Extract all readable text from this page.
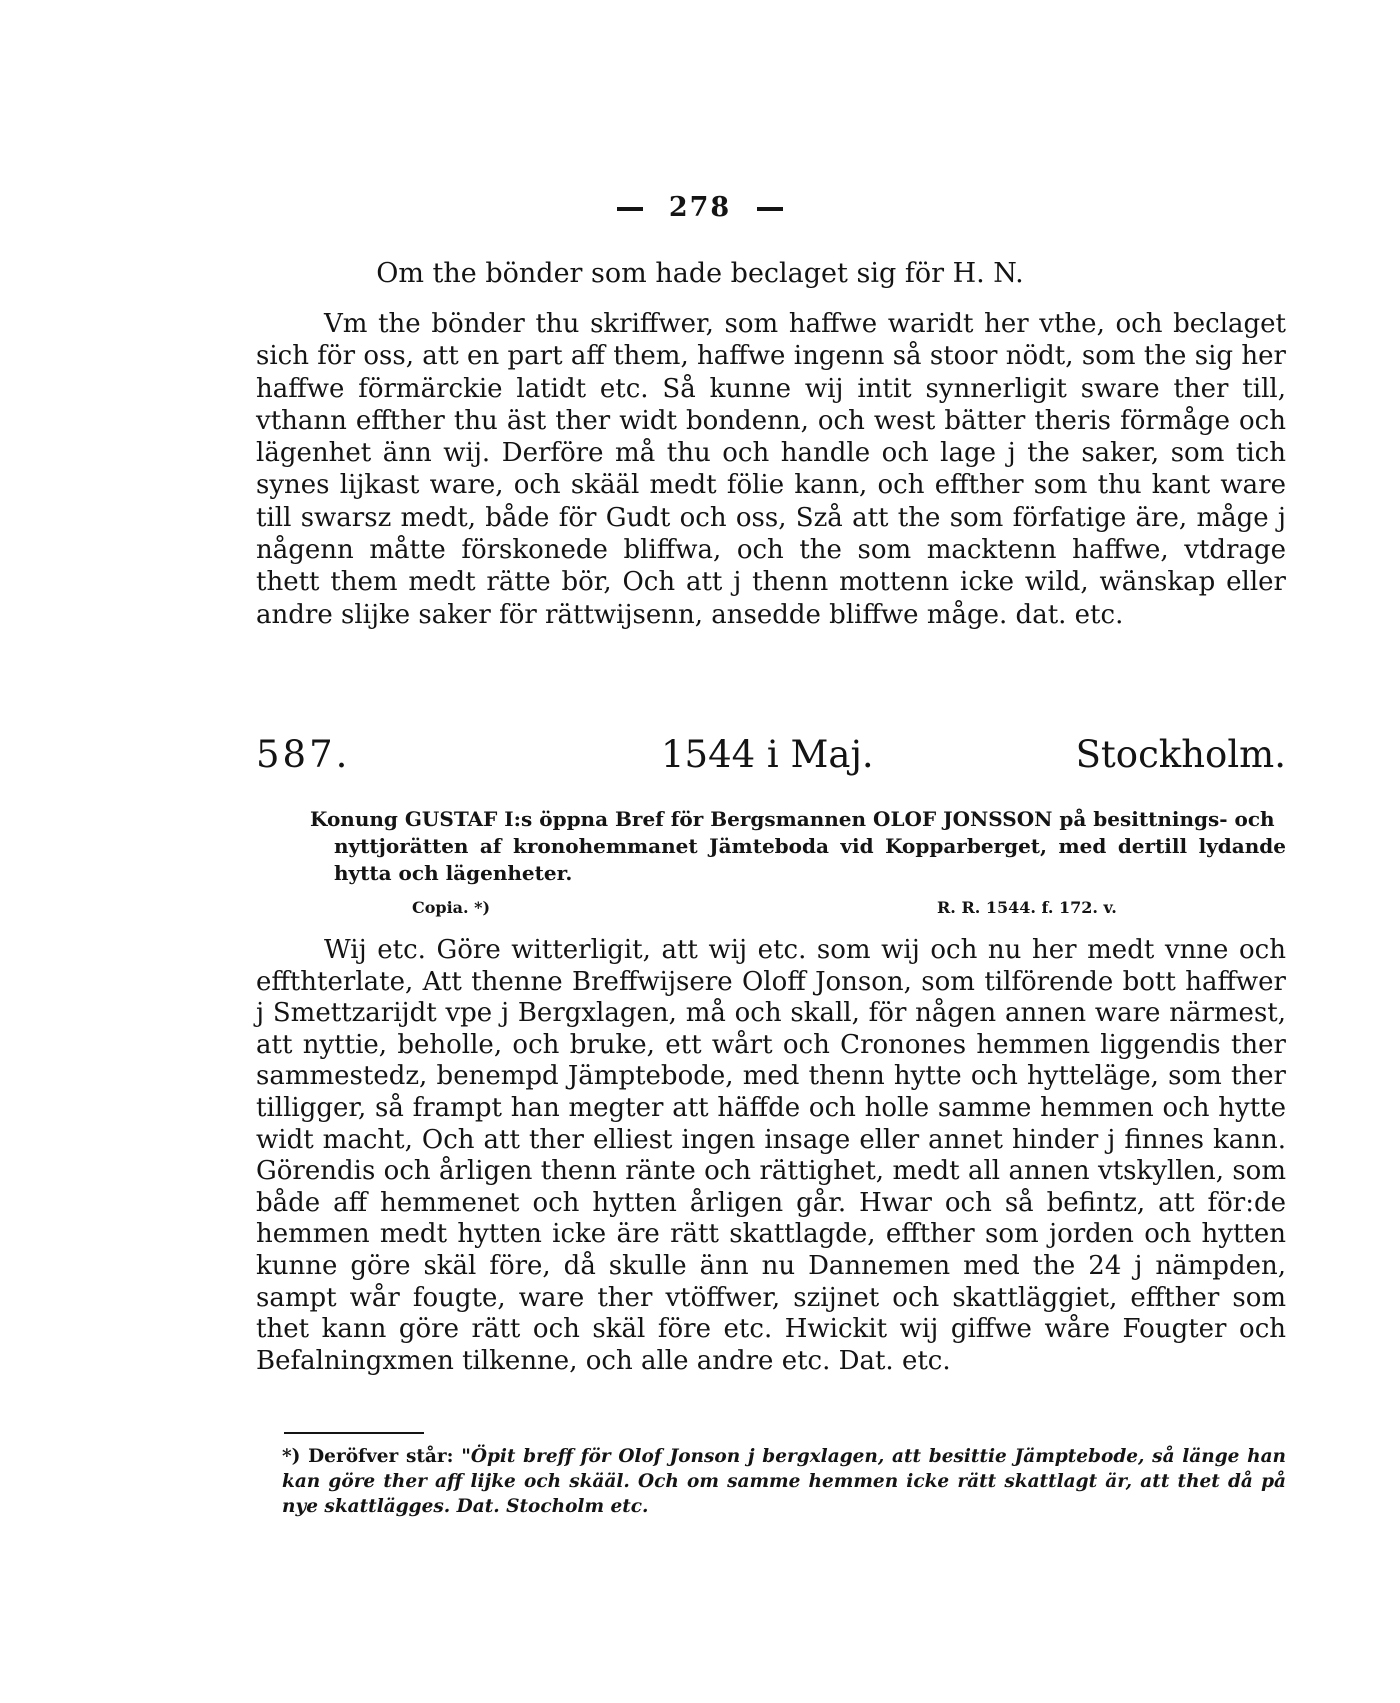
278
Om the bönder som hade beclaget sig för H. N.
Vm the bönder thu skriffwer, som haffwe waridt her vthe, och beclaget sich för oss, att en part aff them, haffwe ingenn så stoor nödt, som the sig her haffwe förmärckie latidt etc. Så kunne wij intit synnerligit sware ther till, vthann effther thu äst ther widt bondenn, och west bätter theris förmåge och lägenhet änn wij. Derföre må thu och handle och lage j the saker, som tich synes lijkast ware, och skääl medt fölie kann, och effther som thu kant ware till swarsz medt, både för Gudt och oss, Szå att the som förfatige äre, måge j någenn måtte förskonede bliffwa, och the som macktenn haffwe, vtdrage thett them medt rätte bör, Och att j thenn mottenn icke wild, wänskap eller andre slijke saker för rättwijsenn, ansedde bliffwe måge. dat. etc.
587.	1544 i Maj.	Stockholm.
Konung GUSTAF I:s öppna Bref för Bergsmannen OLOF JONSSON på besittnings- och
nyttjorätten af kronohemmanet Jämteboda vid Kopparberget, med dertill lydande hytta och lägenheter.
Copia. *)	R. R. 1544. f. 172. v.
Wij etc. Göre witterligit, att wij etc. som wij och nu her medt vnne och effthterlate, Att thenne Breffwijsere Oloff Jonson, som tilförende bott haffwer j Smettzarijdt vpe j Bergxlagen, må och skall, för någen annen ware närmest, att nyttie, beholle, och bruke, ett wårt och Cronones hemmen liggendis ther sammestedz, benempd Jämptebode, med thenn hytte och hytteläge, som ther tilligger, så frampt han megter att häffde och holle samme hemmen och hytte widt macht, Och att ther elliest ingen insage eller annet hinder j finnes kann. Görendis och årligen thenn ränte och rättighet, medt all annen vtskyllen, som både aff hemmenet och hytten årligen går. Hwar och så befintz, att för:de hemmen medt hytten icke äre rätt skattlagde, effther som jorden och hytten kunne göre skäl före, då skulle änn nu Dannemen med the 24 j nämpden, sampt wår fougte, ware ther vtöffwer, szijnet och skattläggiet, effther som thet kann göre rätt och skäl före etc. Hwickit wij giffwe wåre Fougter och Befalningxmen tilkenne, och alle andre etc. Dat. etc.
*) Deröfver står: "Öpit breff för Olof Jonson j bergxlagen, att besittie Jämptebode, så länge han kan göre ther aff lijke och skääl. Och om samme hemmen icke rätt skattlagt är, att thet då på nye skattlägges. Dat. Stocholm etc.
